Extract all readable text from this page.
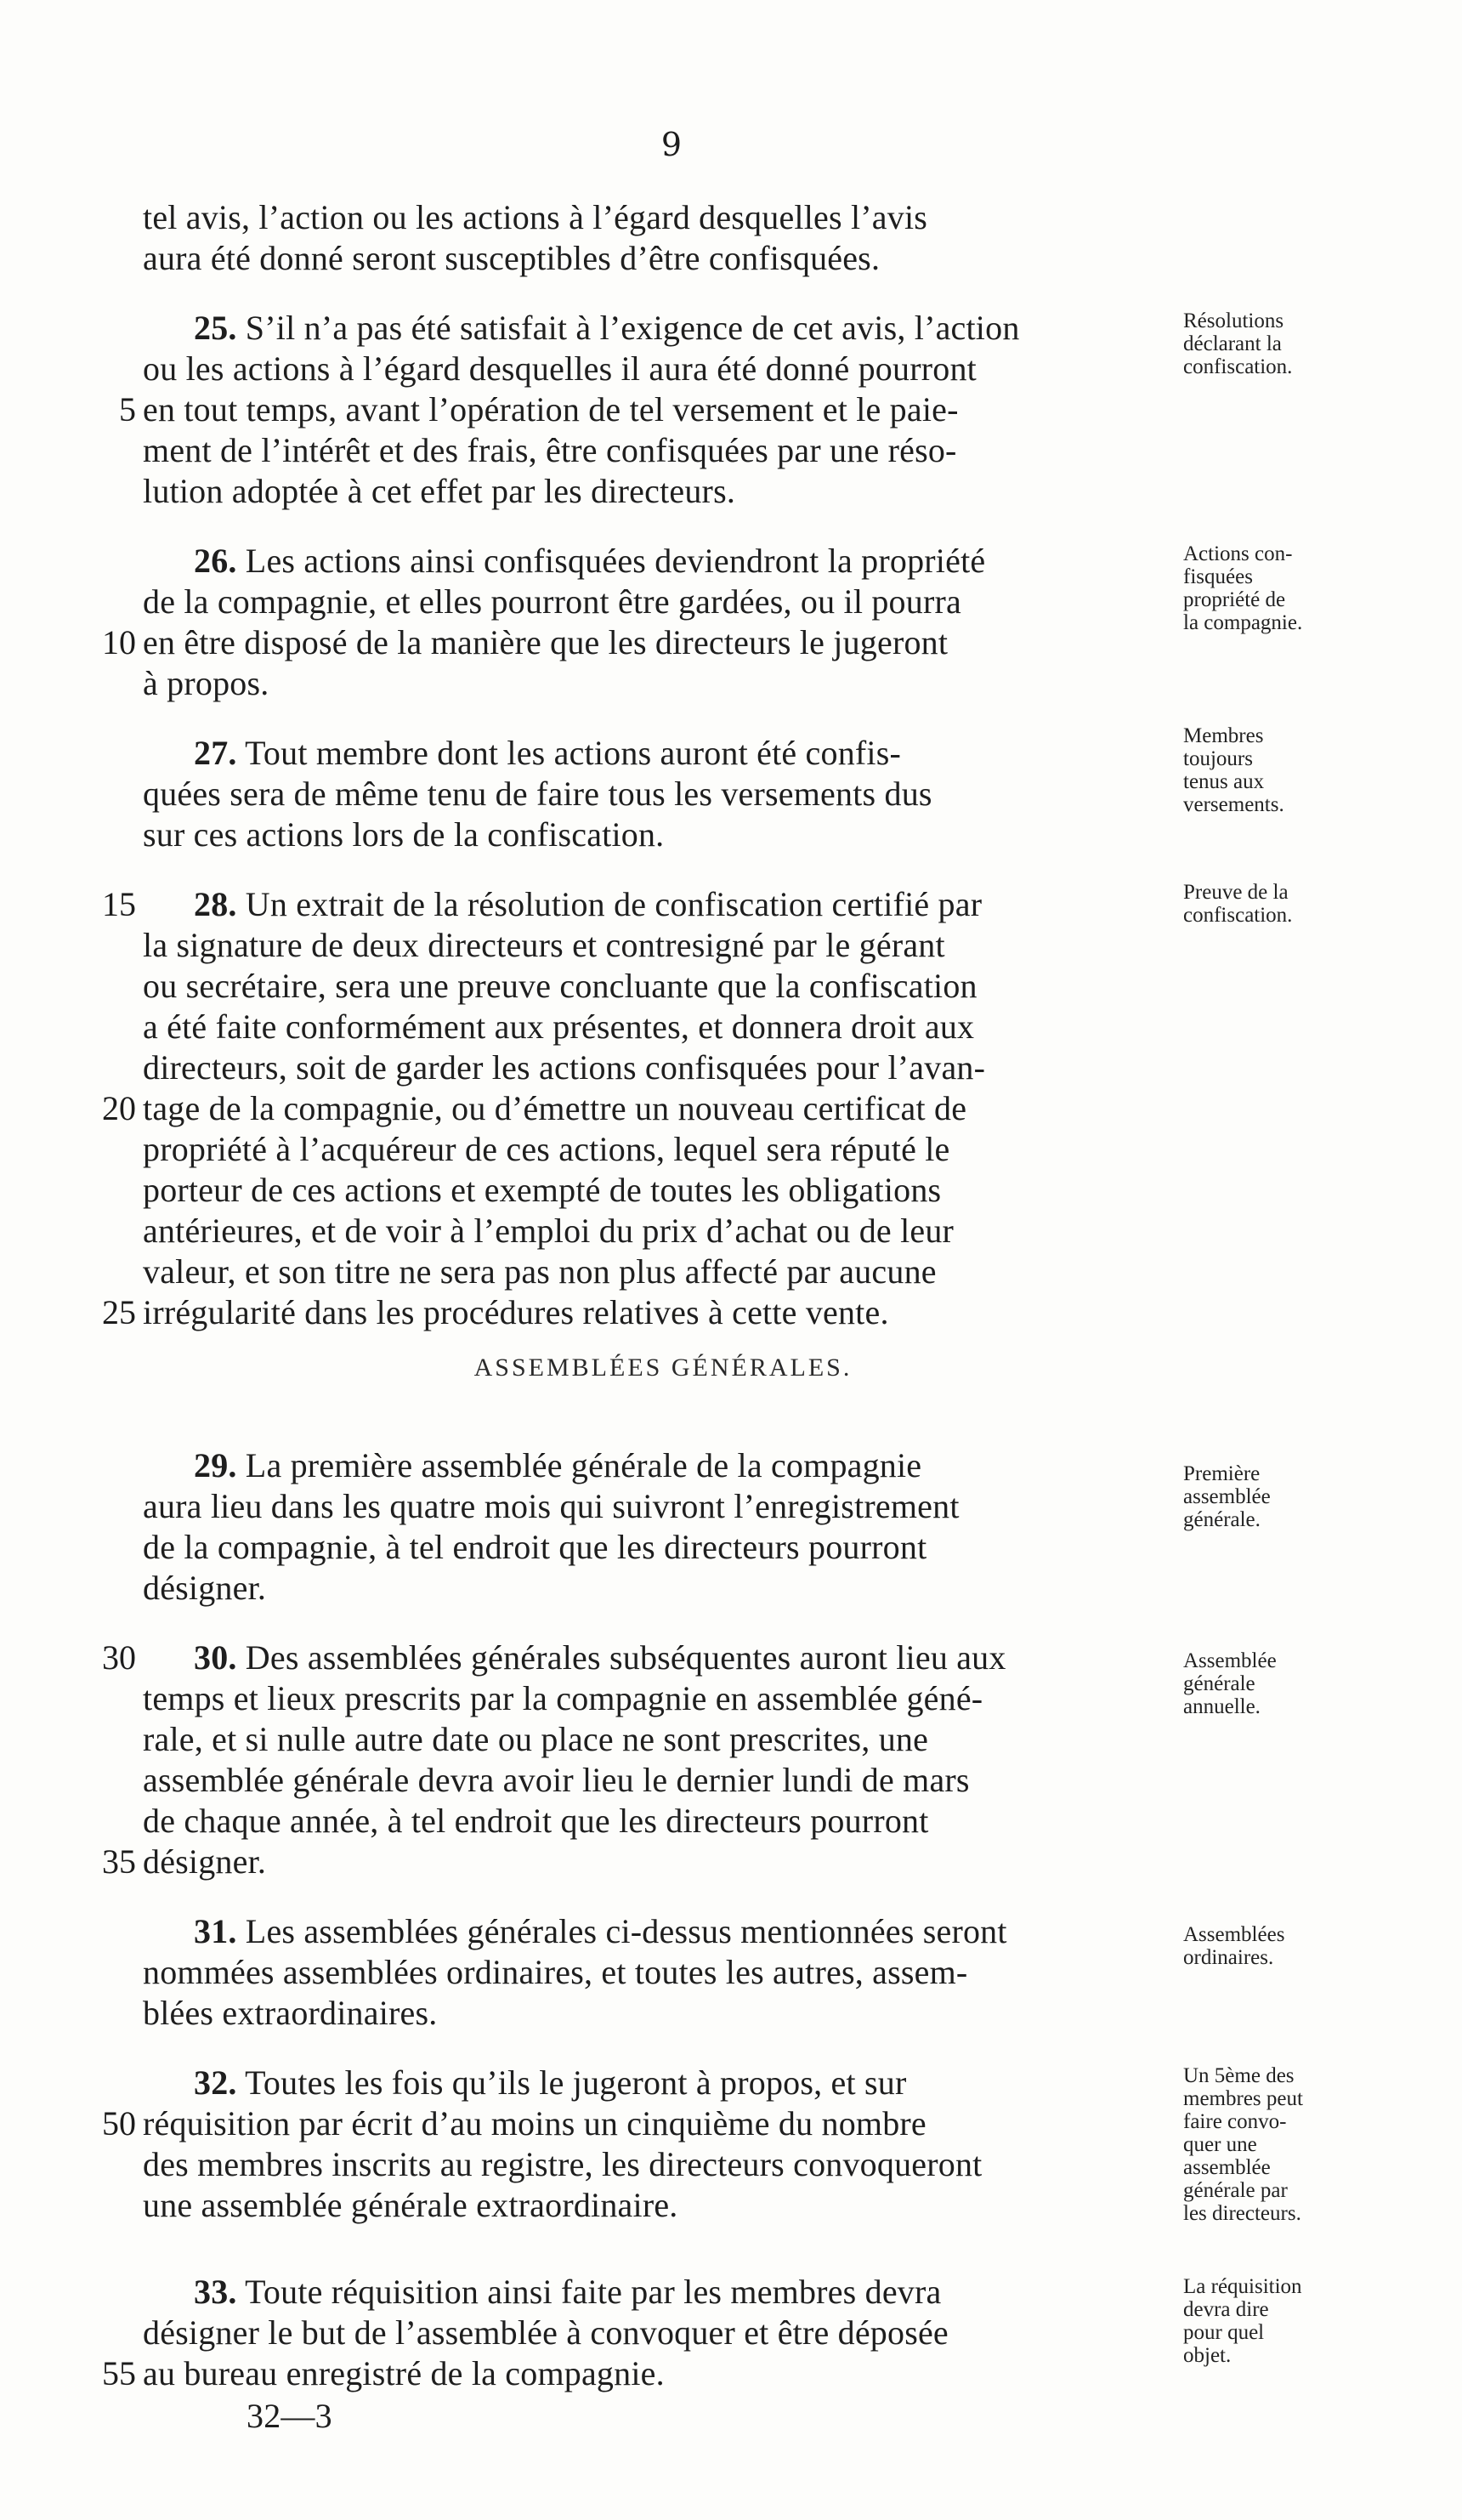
9
ASSEMBLÉES GÉNÉRALES.
tel avis, l’action ou les actions à l’égard desquelles l’avis
aura été donné seront susceptibles d’être confisquées.
25. S’il n’a pas été satisfait à l’exigence de cet avis, l’action
ou les actions à l’égard desquelles il aura été donné pourront
en tout temps, avant l’opération de tel versement et le paie-
ment de l’intérêt et des frais, être confisquées par une réso-
lution adoptée à cet effet par les directeurs.
26. Les actions ainsi confisquées deviendront la propriété
de la compagnie, et elles pourront être gardées, ou il pourra
en être disposé de la manière que les directeurs le jugeront
à propos.
27. Tout membre dont les actions auront été confis-
quées sera de même tenu de faire tous les versements dus
sur ces actions lors de la confiscation.
28. Un extrait de la résolution de confiscation certifié par
la signature de deux directeurs et contresigné par le gérant
ou secrétaire, sera une preuve concluante que la confiscation
a été faite conformément aux présentes, et donnera droit aux
directeurs, soit de garder les actions confisquées pour l’avan-
tage de la compagnie, ou d’émettre un nouveau certificat de
propriété à l’acquéreur de ces actions, lequel sera réputé le
porteur de ces actions et exempté de toutes les obligations
antérieures, et de voir à l’emploi du prix d’achat ou de leur
valeur, et son titre ne sera pas non plus affecté par aucune
irrégularité dans les procédures relatives à cette vente.
29. La première assemblée générale de la compagnie
aura lieu dans les quatre mois qui suivront l’enregistrement
de la compagnie, à tel endroit que les directeurs pourront
désigner.
30. Des assemblées générales subséquentes auront lieu aux
temps et lieux prescrits par la compagnie en assemblée géné-
rale, et si nulle autre date ou place ne sont prescrites, une
assemblée générale devra avoir lieu le dernier lundi de mars
de chaque année, à tel endroit que les directeurs pourront
désigner.
31. Les assemblées générales ci-dessus mentionnées seront
nommées assemblées ordinaires, et toutes les autres, assem-
blées extraordinaires.
32. Toutes les fois qu’ils le jugeront à propos, et sur
réquisition par écrit d’au moins un cinquième du nombre
des membres inscrits au registre, les directeurs convoqueront
une assemblée générale extraordinaire.
33. Toute réquisition ainsi faite par les membres devra
désigner le but de l’assemblée à convoquer et être déposée
au bureau enregistré de la compagnie.
32—3
5
10
15
20
25
30
35
50
55
Résolutions
déclarant la
confiscation.
Actions con-
fisquées
propriété de
la compagnie.
Membres
toujours
tenus aux
versements.
Preuve de la
confiscation.
Première
assemblée
générale.
Assemblée
générale
annuelle.
Assemblées
ordinaires.
Un 5ème des
membres peut
faire convo-
quer une
assemblée
générale par
les directeurs.
La réquisition
devra dire
pour quel
objet.
